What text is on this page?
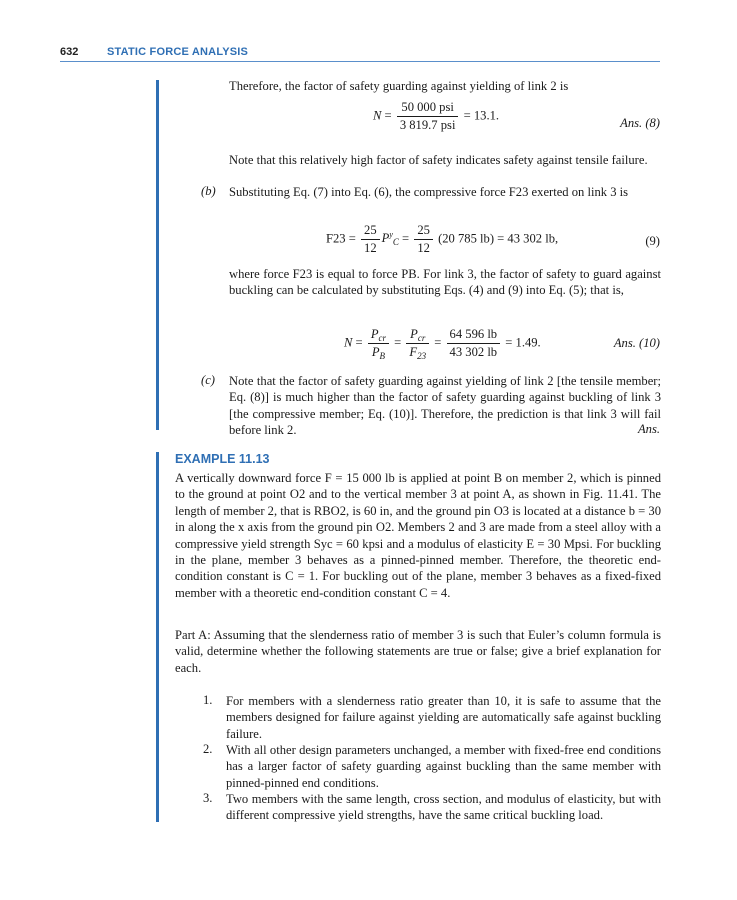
632	STATIC FORCE ANALYSIS
Therefore, the factor of safety guarding against yielding of link 2 is
$N = \frac{\text{50 000 psi}}{\text{3 819.7 psi}} = 13.1$.
Ans. (8)
Note that this relatively high factor of safety indicates safety against tensile failure.
(b) Substituting Eq. (7) into Eq. (6), the compressive force F23 exerted on link 3 is
$F23 = \frac{25}{12} P^y_C = \frac{25}{12} (20$ 785 lb) = 43 302 lb,	(9)
where force F23 is equal to force PB. For link 3, the factor of safety to guard against buckling can be calculated by substituting Eqs. (4) and (9) into Eq. (5); that is,
$N = \frac{P_{cr}}{P_B} = \frac{P_{cr}}{F_{23}} = \frac{64 596 lb}{43 302 lb} = 1.49$.	Ans. (10)
(c) Note that the factor of safety guarding against yielding of link 2 [the tensile member; Eq. (8)] is much higher than the factor of safety guarding against buckling of link 3 [the compressive member; Eq. (10)]. Therefore, the prediction is that link 3 will fail before link 2.	Ans.
EXAMPLE 11.13
A vertically downward force F = 15 000 lb is applied at point B on member 2, which is pinned to the ground at point O2 and to the vertical member 3 at point A, as shown in Fig. 11.41. The length of member 2, that is RBO2, is 60 in, and the ground pin O3 is located at a distance b = 30 in along the x axis from the ground pin O2. Members 2 and 3 are made from a steel alloy with a compressive yield strength Syc = 60 kpsi and a modulus of elasticity E = 30 Mpsi. For buckling in the plane, member 3 behaves as a pinned-pinned member. Therefore, the theoretic end-condition constant is C = 1. For buckling out of the plane, member 3 behaves as a fixed-fixed member with a theoretic end-condition constant C = 4.
Part A: Assuming that the slenderness ratio of member 3 is such that Euler’s column formula is valid, determine whether the following statements are true or false; give a brief explanation for each.
1. For members with a slenderness ratio greater than 10, it is safe to assume that the members designed for failure against yielding are automatically safe against buckling failure.
2. With all other design parameters unchanged, a member with fixed-free end conditions has a larger factor of safety guarding against buckling than the same member with pinned-pinned end conditions.
3. Two members with the same length, cross section, and modulus of elasticity, but with different compressive yield strengths, have the same critical buckling load.
